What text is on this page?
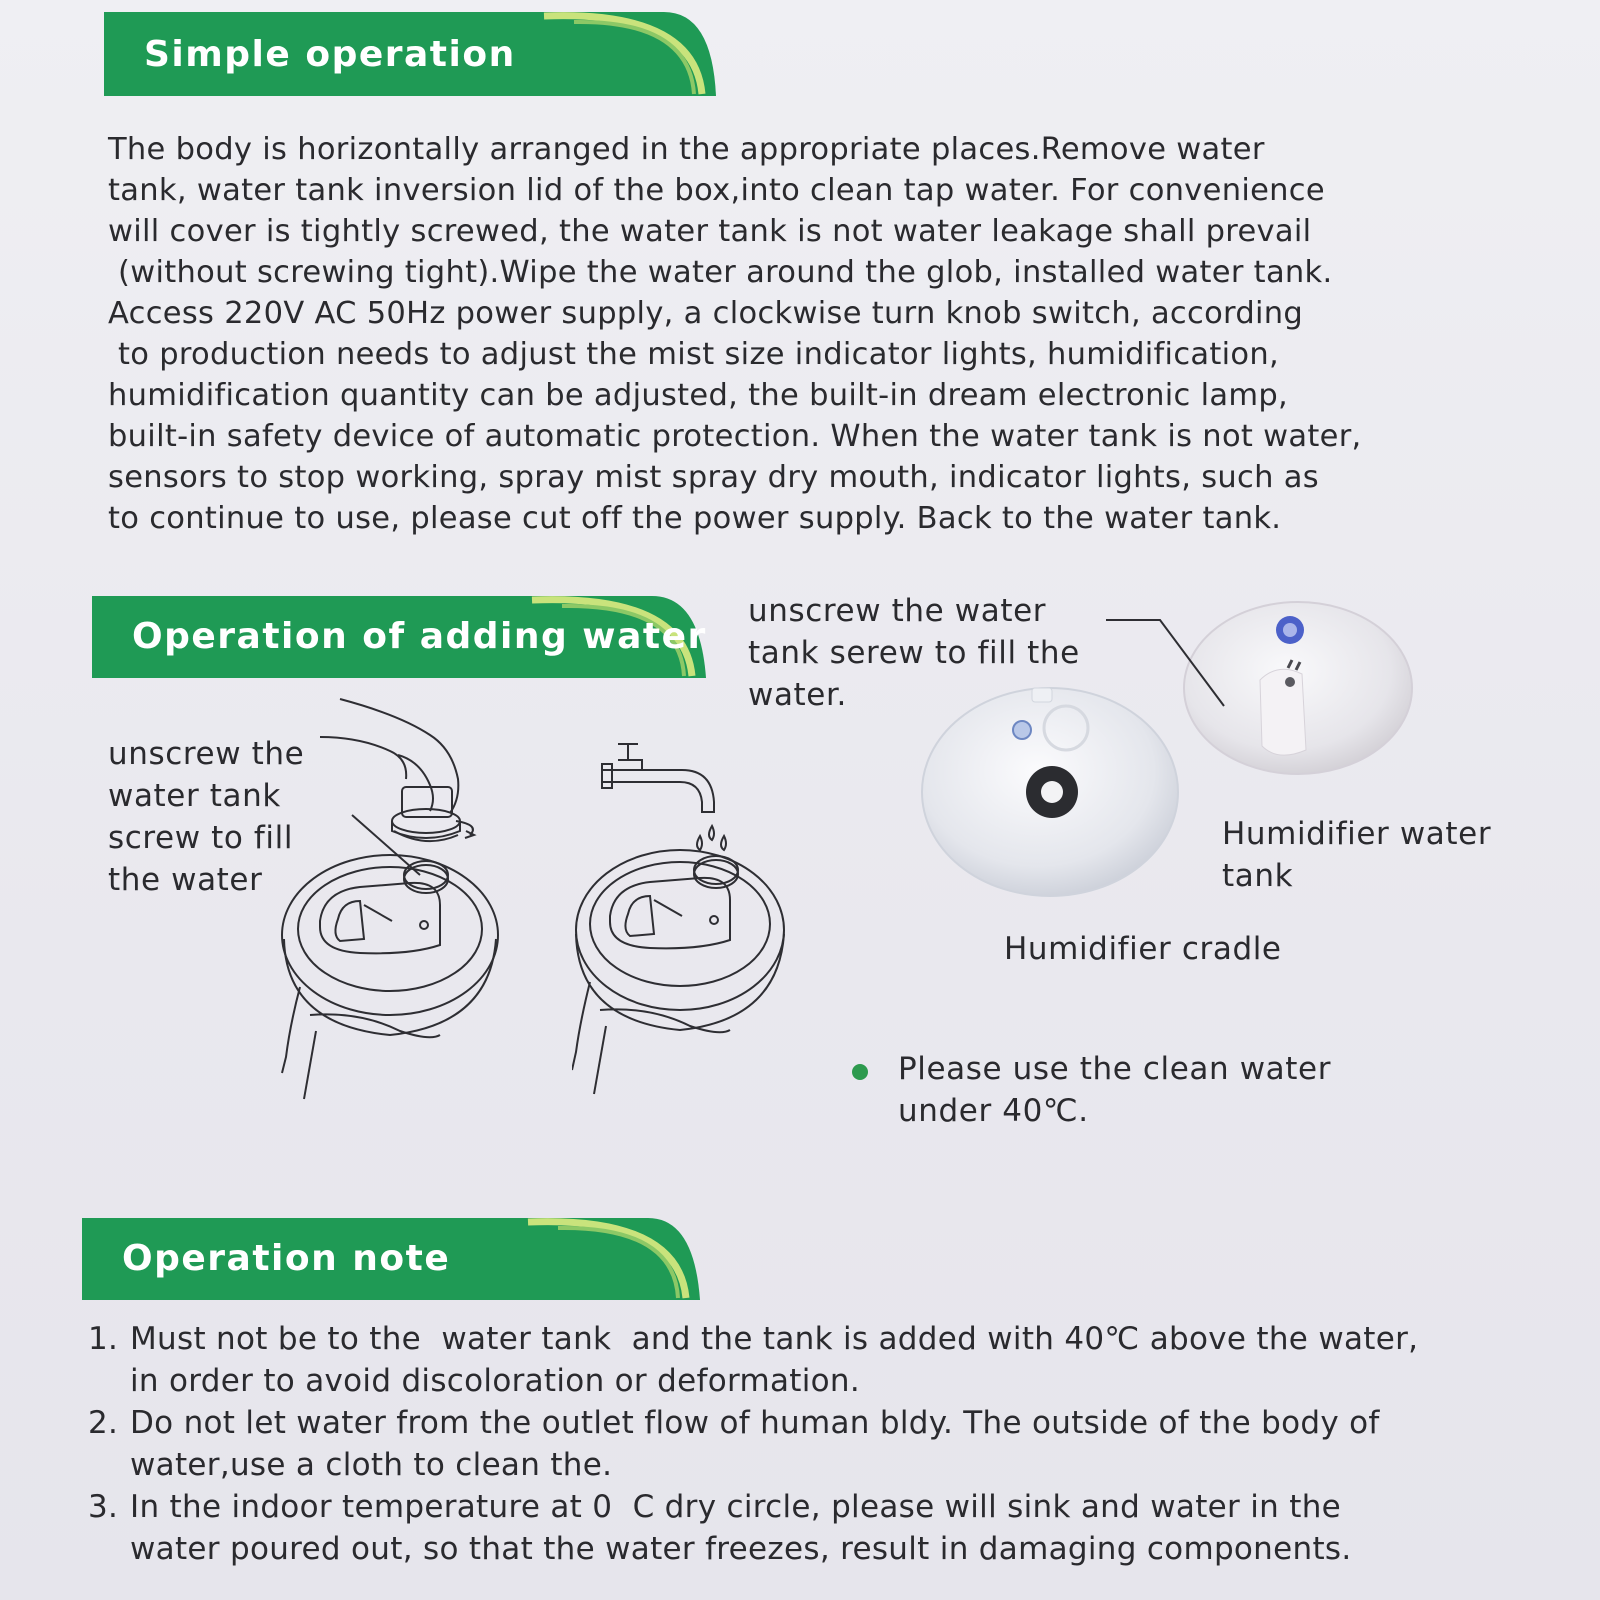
Simple operation
The body is horizontally arranged in the appropriate places.Remove water
tank, water tank inversion lid of the box,into clean tap water. For convenience
will cover is tightly screwed, the water tank is not water leakage shall prevail
(without screwing tight).Wipe the water around the glob, installed water tank.
Access 220V AC 50Hz power supply, a clockwise turn knob switch, according
to production needs to adjust the mist size indicator lights, humidification,
humidification quantity can be adjusted, the built-in dream electronic lamp,
built-in safety device of automatic protection. When the water tank is not water,
sensors to stop working, spray mist spray dry mouth, indicator lights, such as
to continue to use, please cut off the power supply. Back to the water tank.
Operation of adding water
unscrew the
water tank
screw to fill
the water
unscrew the water
tank serew to fill the
water.
Humidifier water
tank
Humidifier cradle
Please use the clean water
under 40℃.
Operation note
1. Must not be to the  water tank  and the tank is added with 40℃ above the water,
in order to avoid discoloration or deformation.
2. Do not let water from the outlet flow of human bldy. The outside of the body of
water,use a cloth to clean the.
3. In the indoor temperature at 0  C dry circle, please will sink and water in the
water poured out, so that the water freezes, result in damaging components.
